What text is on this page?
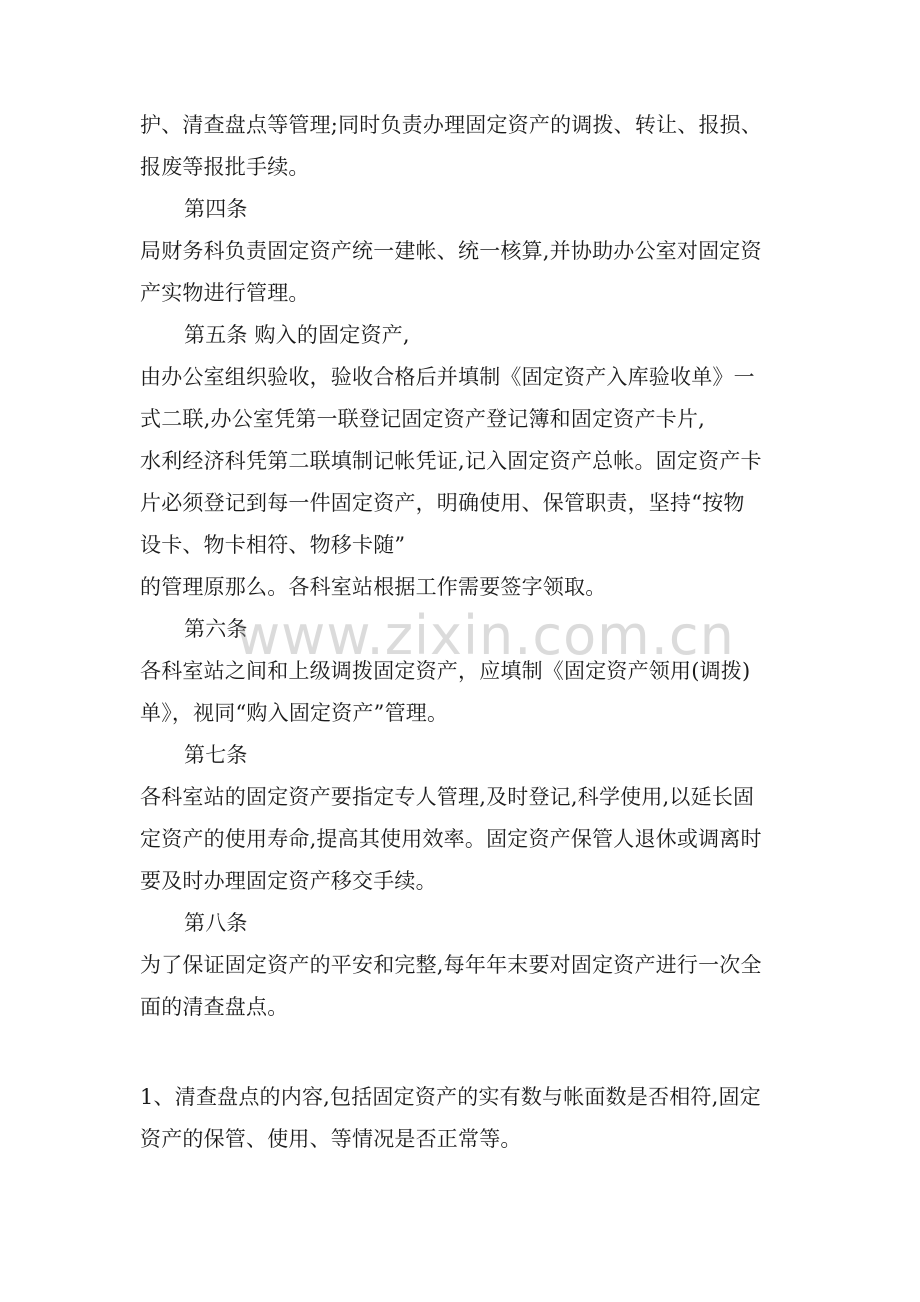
护、清查盘点等管理;同时负责办理固定资产的调拨、转让、报损、
报废等报批手续。
第四条
局财务科负责固定资产统一建帐、统一核算,并协助办公室对固定资
产实物进行管理。
第五条 购入的固定资产,
由办公室组织验收，验收合格后并填制《固定资产入库验收单》一
式二联,办公室凭第一联登记固定资产登记簿和固定资产卡片,
水利经济科凭第二联填制记帐凭证,记入固定资产总帐。固定资产卡
片必须登记到每一件固定资产，明确使用、保管职责，坚持“按物
设卡、物卡相符、物移卡随”
的管理原那么。各科室站根据工作需要签字领取。
第六条
各科室站之间和上级调拨固定资产，应填制《固定资产领用(调拨)
单》，视同“购入固定资产”管理。
第七条
各科室站的固定资产要指定专人管理,及时登记,科学使用,以延长固
定资产的使用寿命,提高其使用效率。固定资产保管人退休或调离时
要及时办理固定资产移交手续。
第八条
为了保证固定资产的平安和完整,每年年末要对固定资产进行一次全
面的清查盘点。
1、清查盘点的内容,包括固定资产的实有数与帐面数是否相符,固定
资产的保管、使用、等情况是否正常等。
www.zixin.com.cn
